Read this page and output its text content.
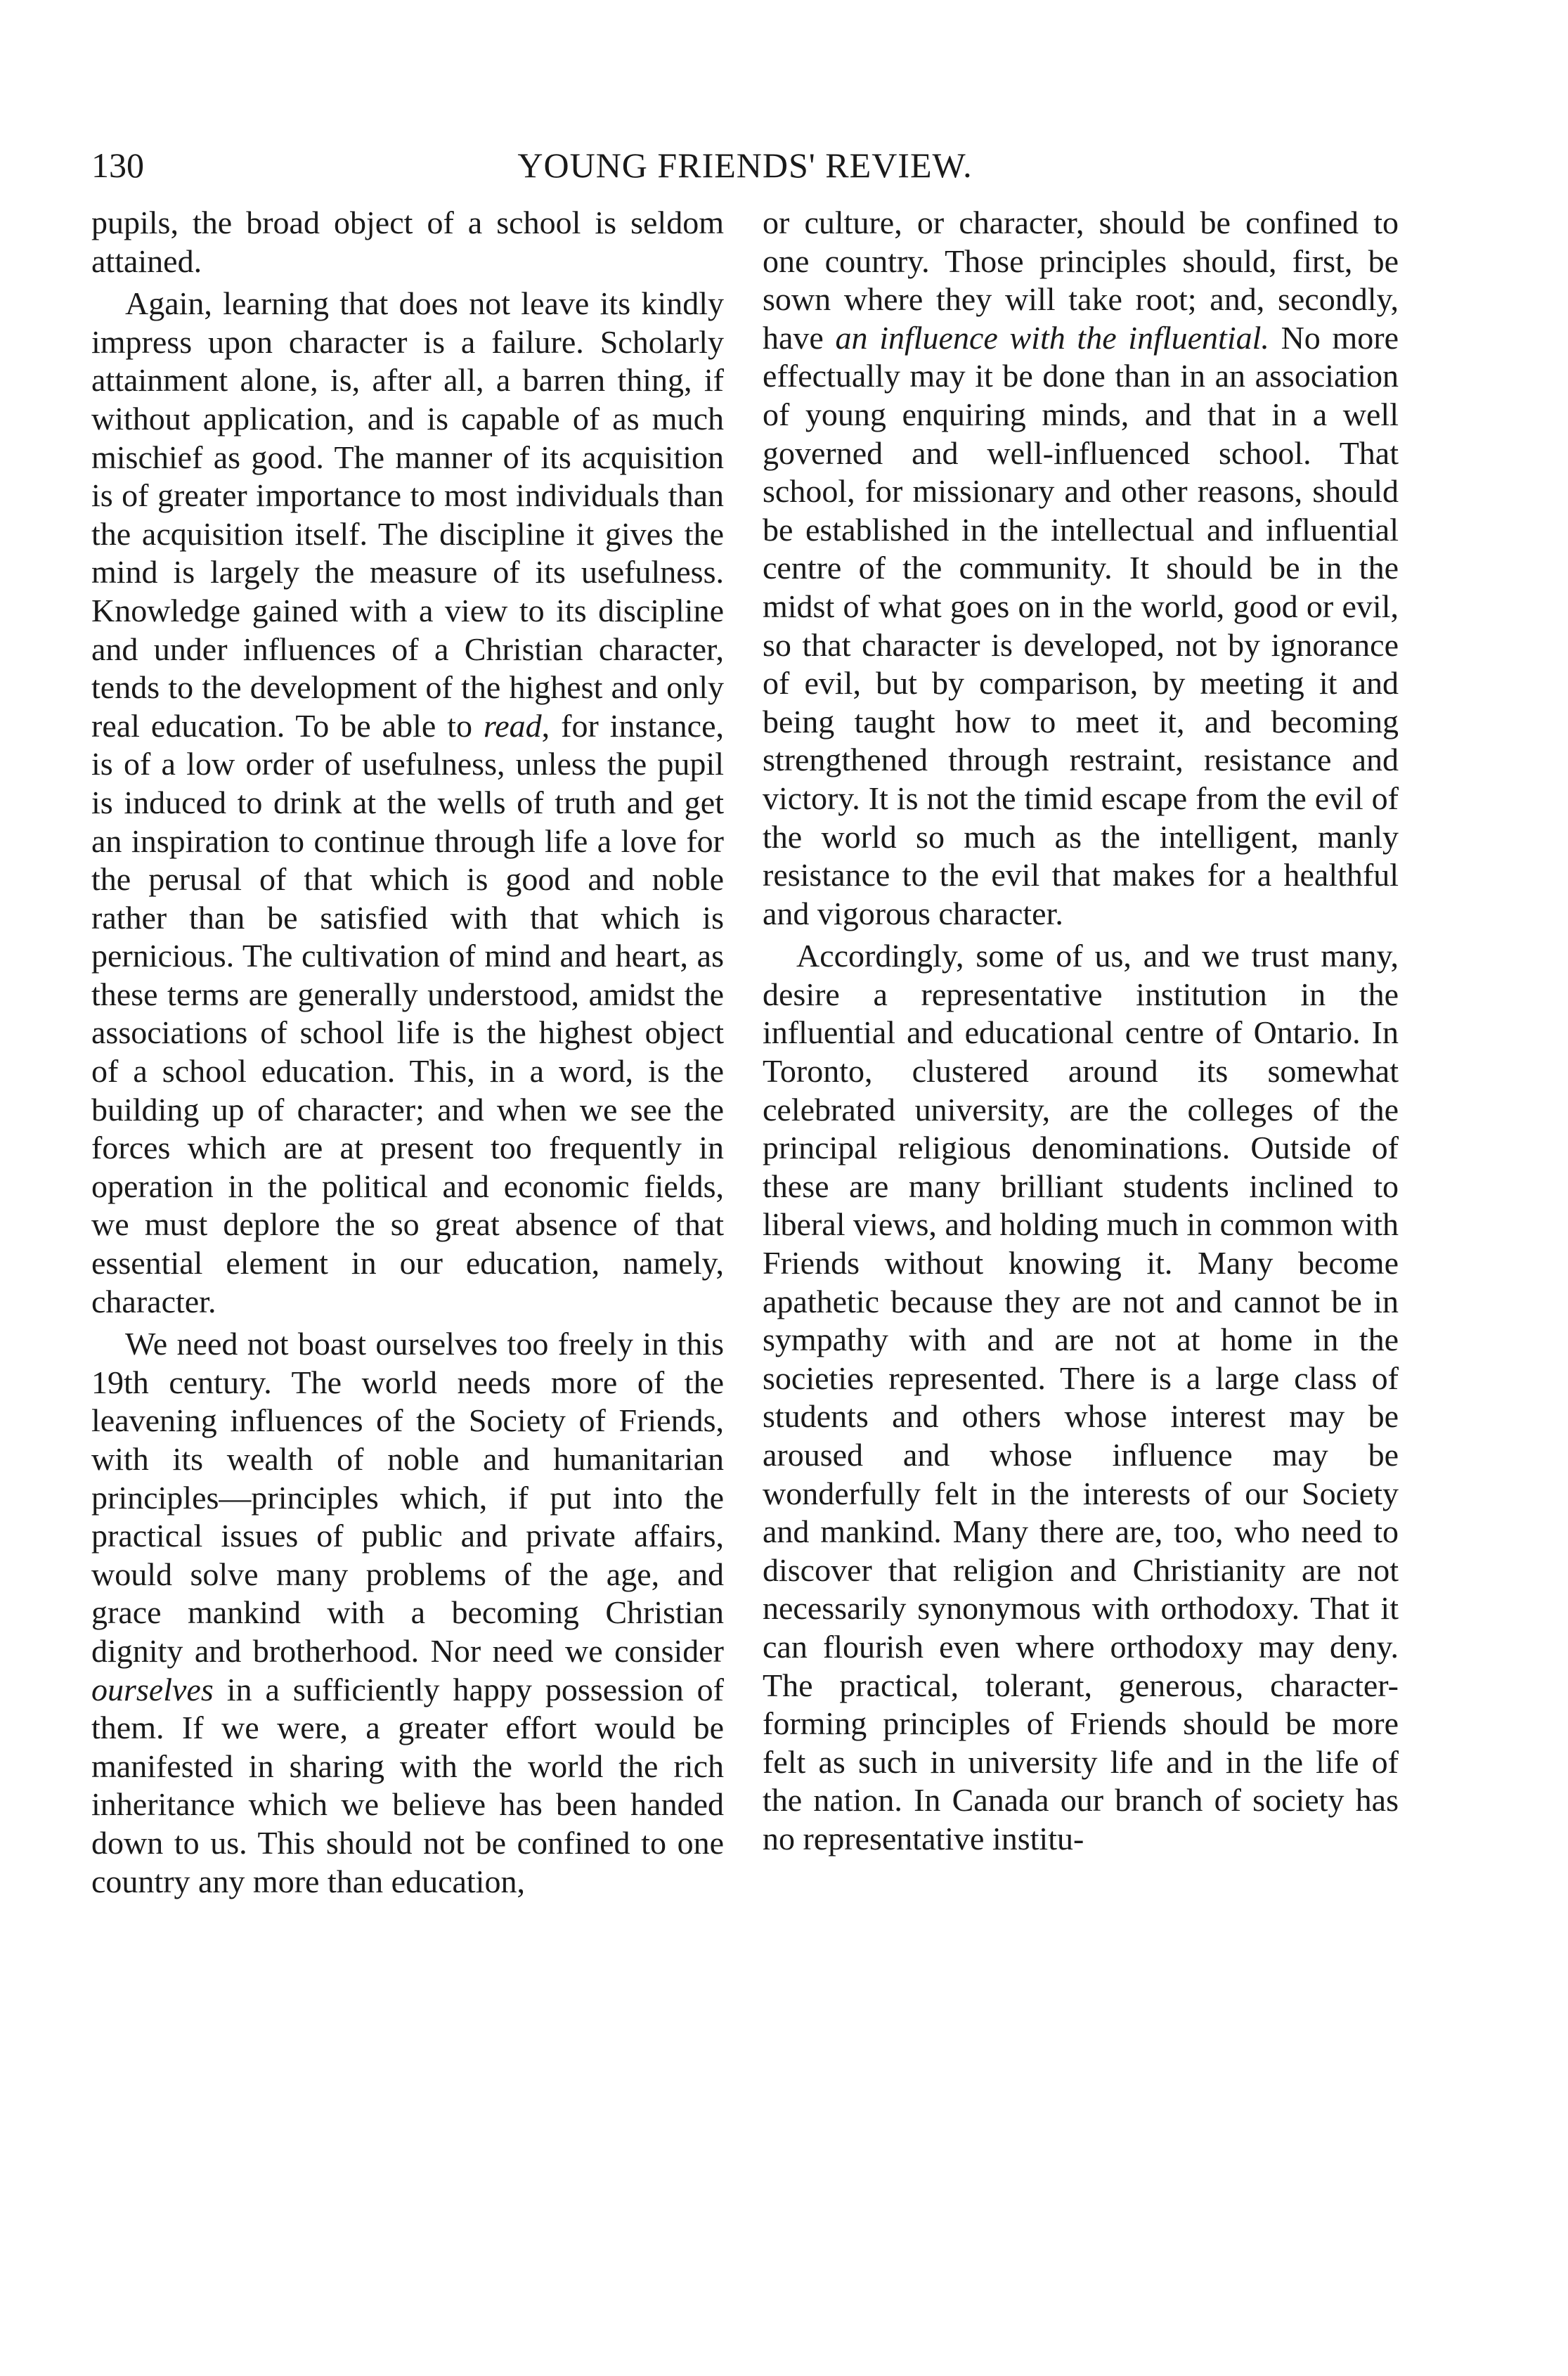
130	YOUNG FRIENDS' REVIEW.

pupils, the broad object of a school is seldom attained.

Again, learning that does not leave its kindly impress upon character is a failure. Scholarly attainment alone, is, after all, a barren thing, if without application, and is capable of as much mischief as good. The manner of its acquisition is of greater importance to most individuals than the acquisition itself. The discipline it gives the mind is largely the measure of its usefulness. Knowledge gained with a view to its discipline and under influences of a Christian character, tends to the development of the highest and only real education. To be able to read, for instance, is of a low order of usefulness, unless the pupil is induced to drink at the wells of truth and get an inspiration to continue through life a love for the perusal of that which is good and noble rather than be satisfied with that which is pernicious. The cultivation of mind and heart, as these terms are generally understood, amidst the associations of school life is the highest object of a school education. This, in a word, is the building up of character; and when we see the forces which are at present too frequently in operation in the political and economic fields, we must deplore the so great absence of that essential element in our education, namely, character.

We need not boast ourselves too freely in this 19th century. The world needs more of the leavening influences of the Society of Friends, with its wealth of noble and humanitarian principles—principles which, if put into the practical issues of public and private affairs, would solve many problems of the age, and grace mankind with a becoming Christian dignity and brotherhood. Nor need we consider ourselves in a sufficiently happy possession of them. If we were, a greater effort would be manifested in sharing with the world the rich inheritance which we believe has been handed down to us. This should not be confined to one country any more than education,

or culture, or character, should be confined to one country. Those principles should, first, be sown where they will take root; and, secondly, have an influence with the influential. No more effectually may it be done than in an association of young enquiring minds, and that in a well governed and well-influenced school. That school, for missionary and other reasons, should be established in the intellectual and influential centre of the community. It should be in the midst of what goes on in the world, good or evil, so that character is developed, not by ignorance of evil, but by comparison, by meeting it and being taught how to meet it, and becoming strengthened through restraint, resistance and victory. It is not the timid escape from the evil of the world so much as the intelligent, manly resistance to the evil that makes for a healthful and vigorous character.

Accordingly, some of us, and we trust many, desire a representative institution in the influential and educational centre of Ontario. In Toronto, clustered around its somewhat celebrated university, are the colleges of the principal religious denominations. Outside of these are many brilliant students inclined to liberal views, and holding much in common with Friends without knowing it. Many become apathetic because they are not and cannot be in sympathy with and are not at home in the societies represented. There is a large class of students and others whose interest may be aroused and whose influence may be wonderfully felt in the interests of our Society and mankind. Many there are, too, who need to discover that religion and Christianity are not necessarily synonymous with orthodoxy. That it can flourish even where orthodoxy may deny. The practical, tolerant, generous, character-forming principles of Friends should be more felt as such in university life and in the life of the nation. In Canada our branch of society has no representative institu-
